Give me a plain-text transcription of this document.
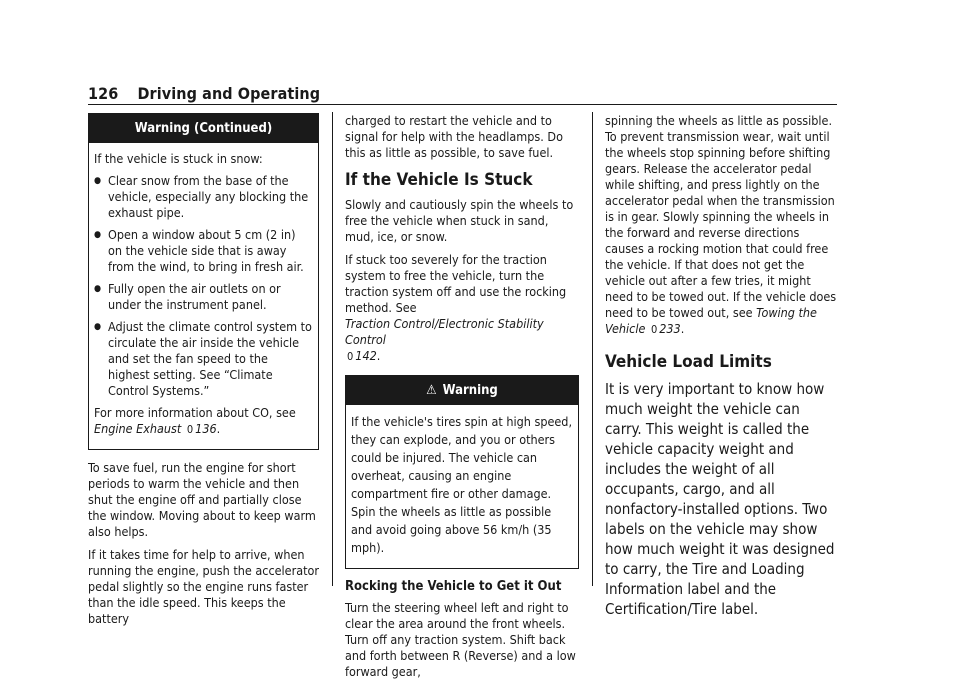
126 Driving and Operating
Warning (Continued)

If the vehicle is stuck in snow:

● Clear snow from the base of the vehicle, especially any blocking the exhaust pipe.
● Open a window about 5 cm (2 in) on the vehicle side that is away from the wind, to bring in fresh air.
● Fully open the air outlets on or under the instrument panel.
● Adjust the climate control system to circulate the air inside the vehicle and set the fan speed to the highest setting. See “Climate Control Systems.”

For more information about CO, see
Engine Exhaust 0 136.

To save fuel, run the engine for short periods to warm the vehicle and then shut the engine off and partially close the window. Moving about to keep warm also helps.

If it takes time for help to arrive, when running the engine, push the accelerator pedal slightly so the engine runs faster than the idle speed. This keeps the battery

charged to restart the vehicle and to signal for help with the headlamps. Do this as little as possible, to save fuel.

If the Vehicle Is Stuck

Slowly and cautiously spin the wheels to free the vehicle when stuck in sand, mud, ice, or snow.

If stuck too severely for the traction system to free the vehicle, turn the traction system off and use the rocking method. See
Traction Control/Electronic Stability Control
0 142.

⚠ Warning

If the vehicle's tires spin at high speed, they can explode, and you or others could be injured. The vehicle can overheat, causing an engine compartment fire or other damage. Spin the wheels as little as possible and avoid going above 56 km/h (35 mph).

Rocking the Vehicle to Get it Out

Turn the steering wheel left and right to clear the area around the front wheels. Turn off any traction system. Shift back and forth between R (Reverse) and a low forward gear,

spinning the wheels as little as possible. To prevent transmission wear, wait until the wheels stop spinning before shifting gears. Release the accelerator pedal while shifting, and press lightly on the accelerator pedal when the transmission is in gear. Slowly spinning the wheels in the forward and reverse directions causes a rocking motion that could free the vehicle. If that does not get the vehicle out after a few tries, it might need to be towed out. If the vehicle does need to be towed out, see Towing the Vehicle 0 233.

Vehicle Load Limits

It is very important to know how much weight the vehicle can carry. This weight is called the vehicle capacity weight and includes the weight of all occupants, cargo, and all nonfactory-installed options. Two labels on the vehicle may show how much weight it was designed to carry, the Tire and Loading Information label and the Certification/Tire label.
